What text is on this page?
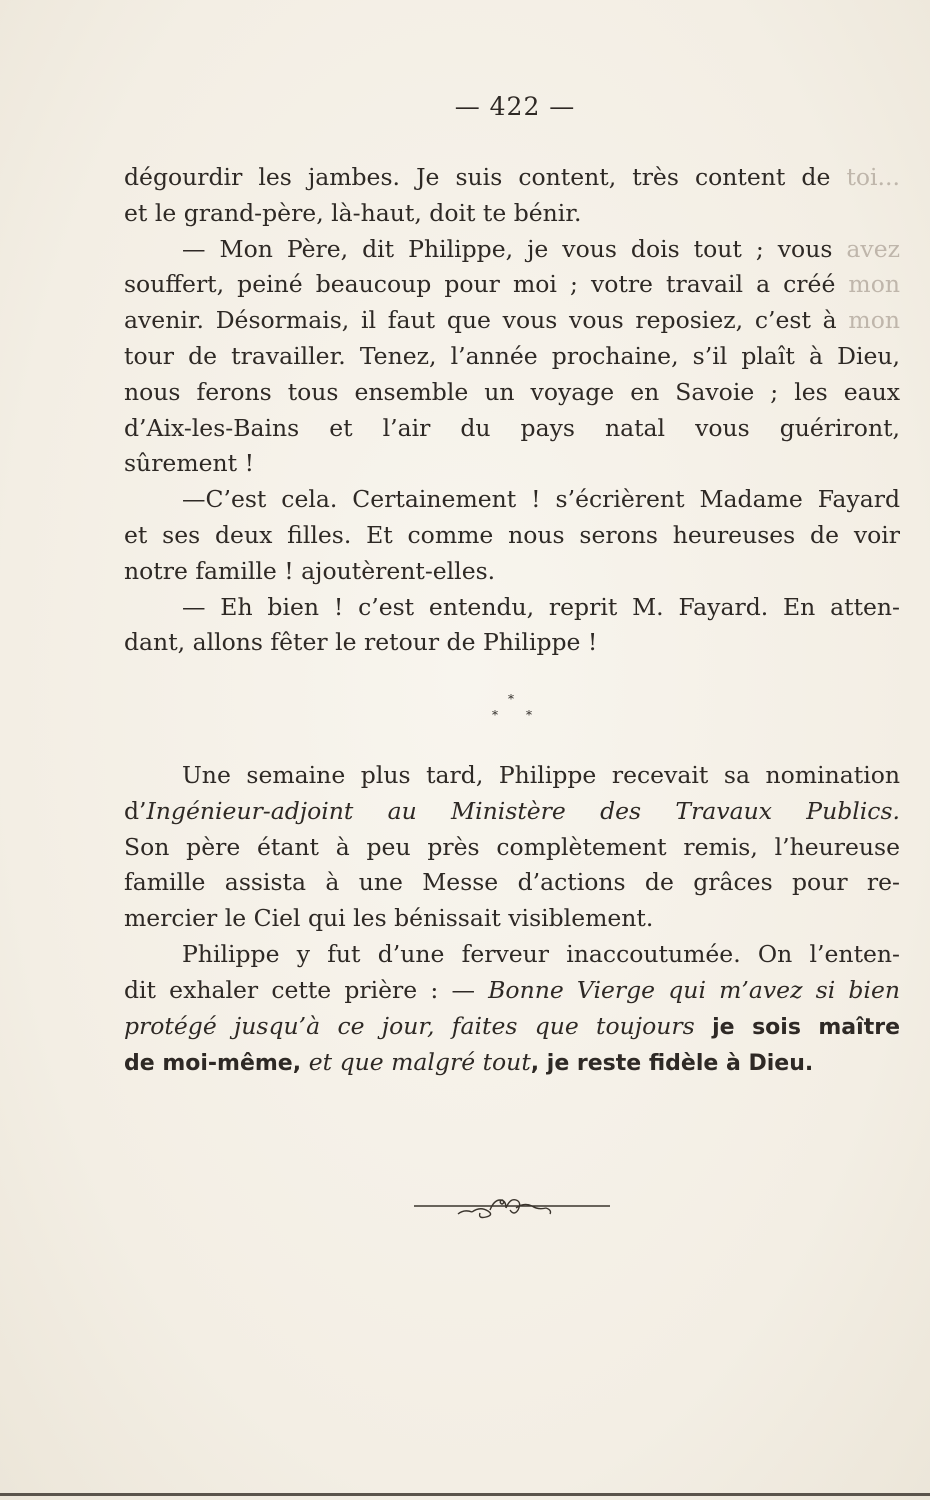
— 422 —
dégourdir les jambes. Je suis content, très content de toi...
et le grand-père, là-haut, doit te bénir.
— Mon Père, dit Philippe, je vous dois tout ; vous avez
souffert, peiné beaucoup pour moi ; votre travail a créé mon
avenir. Désormais, il faut que vous vous reposiez, c’est à mon
tour de travailler. Tenez, l’année prochaine, s’il plaît à Dieu,
nous ferons tous ensemble un voyage en Savoie ; les eaux
d’Aix-les-Bains et l’air du pays natal vous guériront,
sûrement !
—C’est cela. Certainement ! s’écrièrent Madame Fayard
et ses deux filles. Et comme nous serons heureuses de voir
notre famille ! ajoutèrent-elles.
— Eh bien ! c’est entendu, reprit M. Fayard. En atten-
dant, allons fêter le retour de Philippe !
*
* *
Une semaine plus tard, Philippe recevait sa nomination
d’Ingénieur-adjoint au Ministère des Travaux Publics.
Son père étant à peu près complètement remis, l’heureuse
famille assista à une Messe d’actions de grâces pour re-
mercier le Ciel qui les bénissait visiblement.
Philippe y fut d’une ferveur inaccoutumée. On l’enten-
dit exhaler cette prière : — Bonne Vierge qui m’avez si bien
protégé jusqu’à ce jour, faites que toujours je sois maître
de moi-même, et que malgré tout, je reste fidèle à Dieu.
